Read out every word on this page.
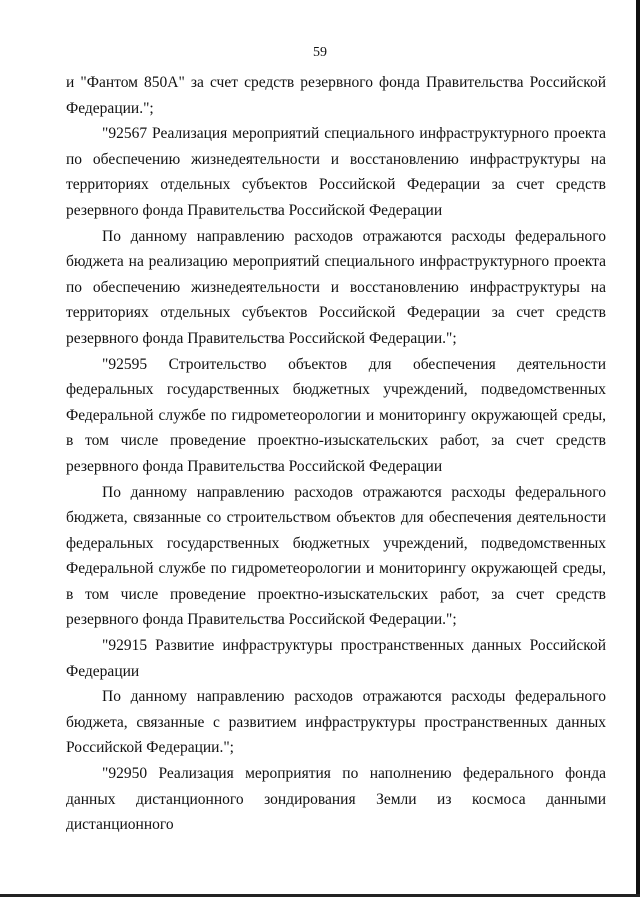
59

и "Фантом 850А" за счет средств резервного фонда Правительства Российской Федерации.";

"92567 Реализация мероприятий специального инфраструктурного проекта по обеспечению жизнедеятельности и восстановлению инфраструктуры на территориях отдельных субъектов Российской Федерации за счет средств резервного фонда Правительства Российской Федерации

По данному направлению расходов отражаются расходы федерального бюджета на реализацию мероприятий специального инфраструктурного проекта по обеспечению жизнедеятельности и восстановлению инфраструктуры на территориях отдельных субъектов Российской Федерации за счет средств резервного фонда Правительства Российской Федерации.";

"92595 Строительство объектов для обеспечения деятельности федеральных государственных бюджетных учреждений, подведомственных Федеральной службе по гидрометеорологии и мониторингу окружающей среды, в том числе проведение проектно-изыскательских работ, за счет средств резервного фонда Правительства Российской Федерации

По данному направлению расходов отражаются расходы федерального бюджета, связанные со строительством объектов для обеспечения деятельности федеральных государственных бюджетных учреждений, подведомственных Федеральной службе по гидрометеорологии и мониторингу окружающей среды, в том числе проведение проектно-изыскательских работ, за счет средств резервного фонда Правительства Российской Федерации.";

"92915 Развитие инфраструктуры пространственных данных Российской Федерации

По данному направлению расходов отражаются расходы федерального бюджета, связанные с развитием инфраструктуры пространственных данных Российской Федерации.";

"92950 Реализация мероприятия по наполнению федерального фонда данных дистанционного зондирования Земли из космоса данными дистанционного
